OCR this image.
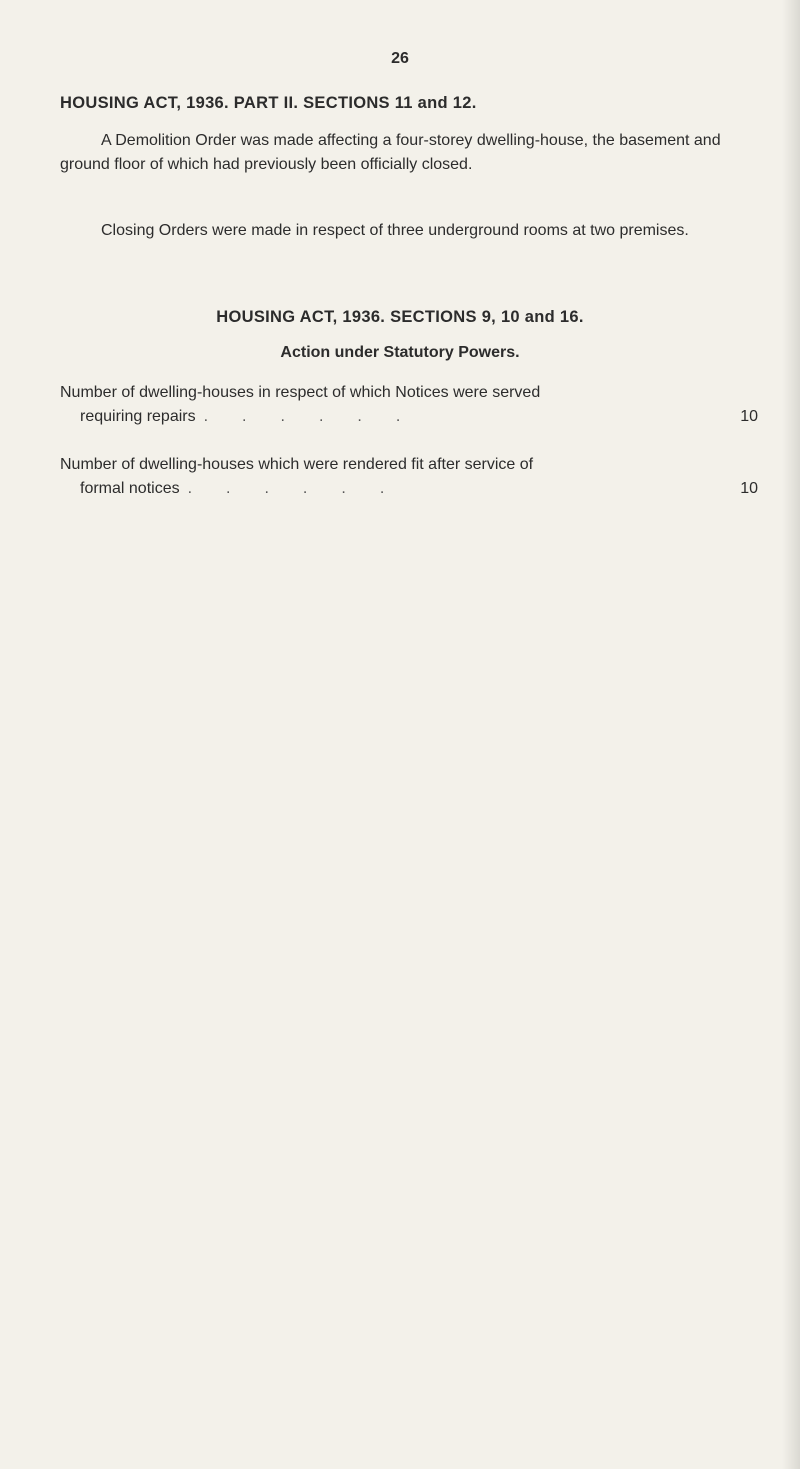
26
HOUSING ACT, 1936. PART II. SECTIONS 11 and 12.

A Demolition Order was made affecting a four-storey dwelling-house, the basement and ground floor of which had previously been officially closed.

Closing Orders were made in respect of three underground rooms at two premises.

HOUSING ACT, 1936. SECTIONS 9, 10 and 16.
Action under Statutory Powers.
Number of dwelling-houses in respect of which Notices were served
requiring repairs ......	10
Number of dwelling-houses which were rendered fit after service of
formal notices ......	10
